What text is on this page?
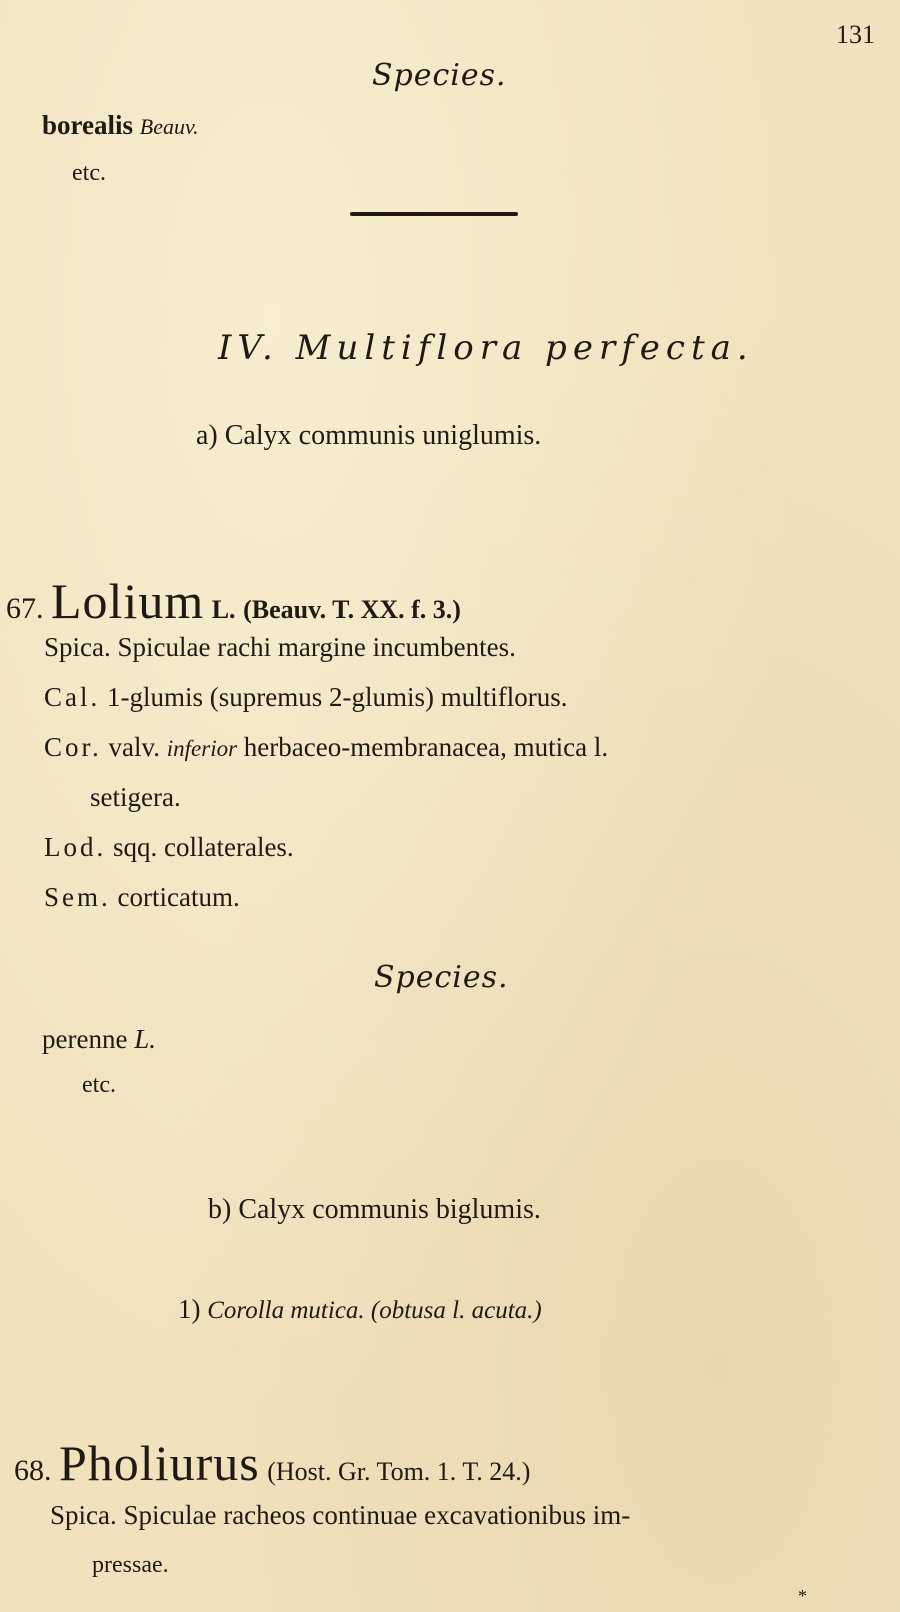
131
Species.
borealis Beauv.
etc.
IV. Multiflora perfecta.
a) Calyx communis uniglumis.
67. Lolium L. (Beauv. T. XX. f. 3.)
Spica. Spiculae rachi margine incumbentes.
Cal. 1-glumis (supremus 2-glumis) multiflorus.
Cor. valv. inferior herbaceo-membranacea, mutica l.
setigera.
Lod. sqq. collaterales.
Sem. corticatum.
Species.
perenne L.
etc.
b) Calyx communis biglumis.
1) Corolla mutica. (obtusa l. acuta.)
68. Pholiurus (Host. Gr. Tom. 1. T. 24.)
Spica. Spiculae racheos continuae excavationibus im-
pressae.
*
